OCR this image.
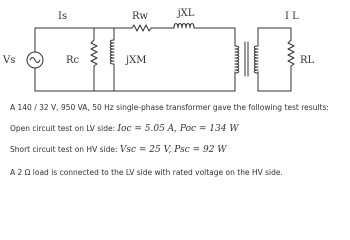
Is	Rw	jXL	I L
Vs	Rc	jXM	RL
A 140 / 32 V, 950 VA, 50 Hz single-phase transformer gave the following test results:
Open circuit test on LV side: Ioc = 5.05 A, Poc = 134 W
Short circuit test on HV side: Vsc = 25 V, Psc = 92 W
A 2 Ω load is connected to the LV side with rated voltage on the HV side.
